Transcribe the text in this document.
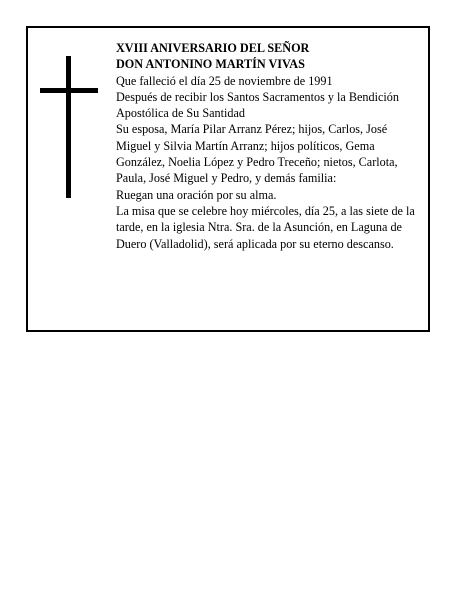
XVIII ANIVERSARIO DEL SEÑOR

DON ANTONINO MARTÍN VIVAS

Que falleció el día 25 de noviembre de 1991

Después de recibir los Santos Sacramentos y la Bendición Apostólica de Su Santidad

Su esposa, María Pilar Arranz Pérez; hijos, Carlos, José Miguel y Silvia Martín Arranz; hijos políticos, Gema González, Noelia López y Pedro Treceño; nietos, Carlota, Paula, José Miguel y Pedro, y demás familia:

Ruegan una oración por su alma.

La misa que se celebre hoy miércoles, día 25, a las siete de la tarde, en la iglesia Ntra. Sra. de la Asunción, en Laguna de Duero (Valladolid), será aplicada por su eterno descanso.
